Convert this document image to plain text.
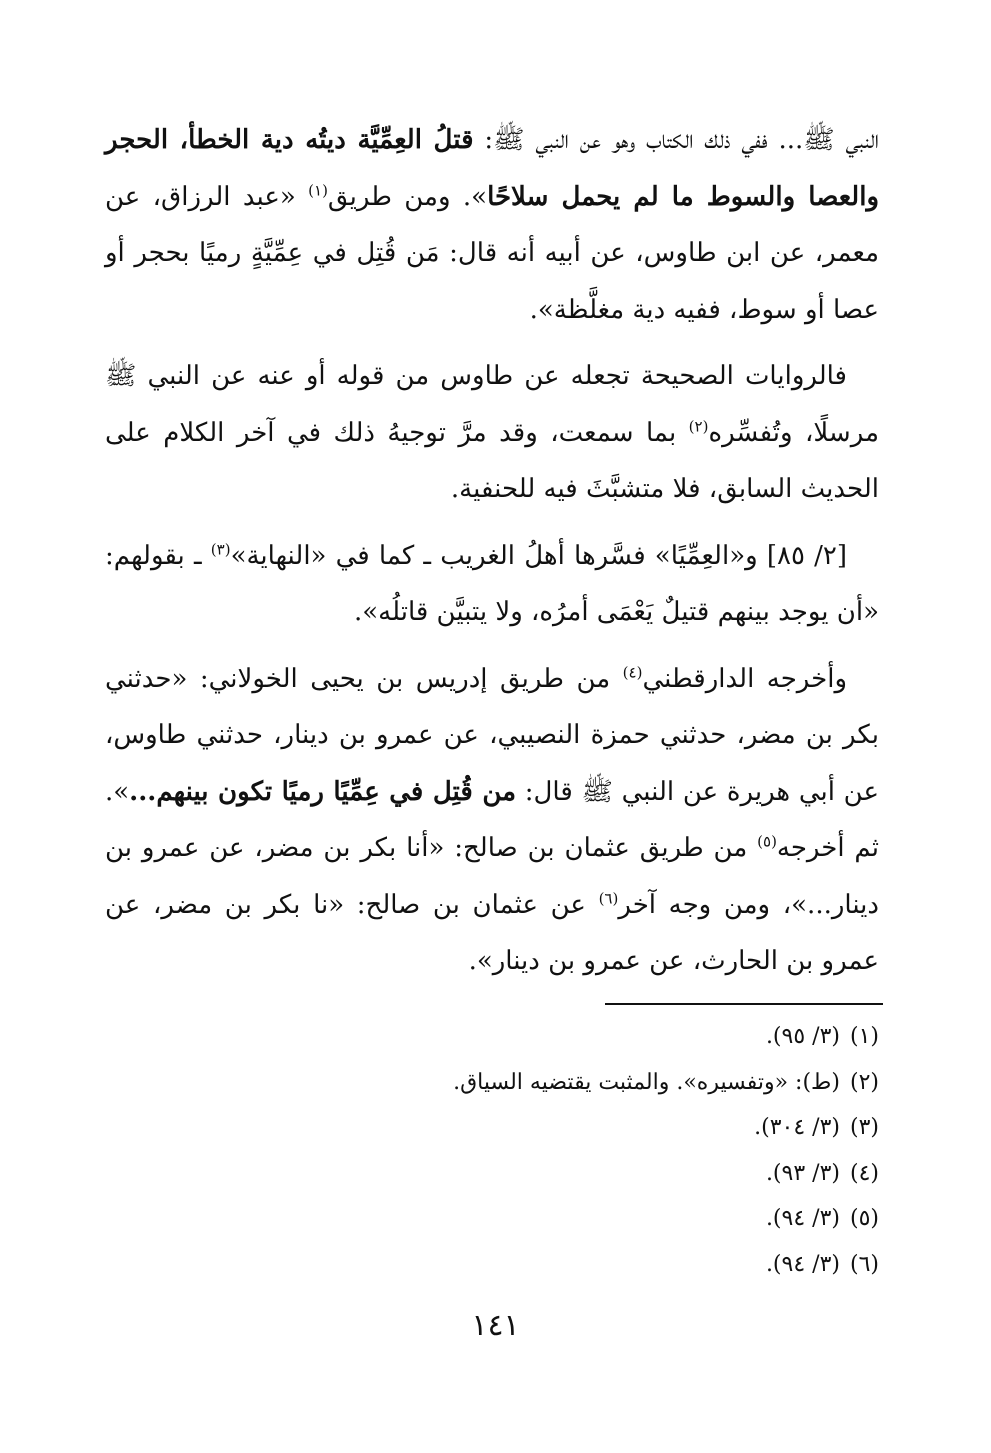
النبي ﷺ... ففي ذلك الكتاب وهو عن النبي ﷺ: قتلُ العِمِّيَّة ديتُه دية الخطأ، الحجر والعصا والسوط ما لم يحمل سلاحًا». ومن طريق$^{(١)}$ «عبد الرزاق، عن معمر، عن ابن طاوس، عن أبيه أنه قال: مَن قُتِل في عِمِّيَّةٍ رميًا بحجر أو عصا أو سوط، ففيه دية مغلَّظة».

فالروايات الصحيحة تجعله عن طاوس من قوله أو عنه عن النبي ﷺ مرسلًا، وتُفسِّره$^{(٢)}$ بما سمعت، وقد مرَّ توجيهُ ذلك في آخر الكلام على الحديث السابق، فلا متشبَّثَ فيه للحنفية.

[٢/ ٨٥] و«العِمِّيًا» فسَّرها أهلُ الغريب ـ كما في «النهاية»$^{(٣)}$ ـ بقولهم: «أن يوجد بينهم قتيلٌ يَعْمَى أمرُه، ولا يتبيَّن قاتلُه».

وأخرجه الدارقطني$^{(٤)}$ من طريق إدريس بن يحيى الخولاني: «حدثني بكر بن مضر، حدثني حمزة النصيبي، عن عمرو بن دينار، حدثني طاوس، عن أبي هريرة عن النبي ﷺ قال: من قُتِل في عِمِّيًا رميًا تكون بينهم...». ثم أخرجه$^{(٥)}$ من طريق عثمان بن صالح: «أنا بكر بن مضر، عن عمرو بن دينار...»، ومن وجه آخر$^{(٦)}$ عن عثمان بن صالح: «نا بكر بن مضر، عن عمرو بن الحارث، عن عمرو بن دينار».

(١)(٣/ ٩٥).
(٢)(ط): «وتفسيره». والمثبت يقتضيه السياق.
(٣)(٣/ ٣٠٤).
(٤)(٣/ ٩٣).
(٥)(٣/ ٩٤).
(٦)(٣/ ٩٤).
١٤١
